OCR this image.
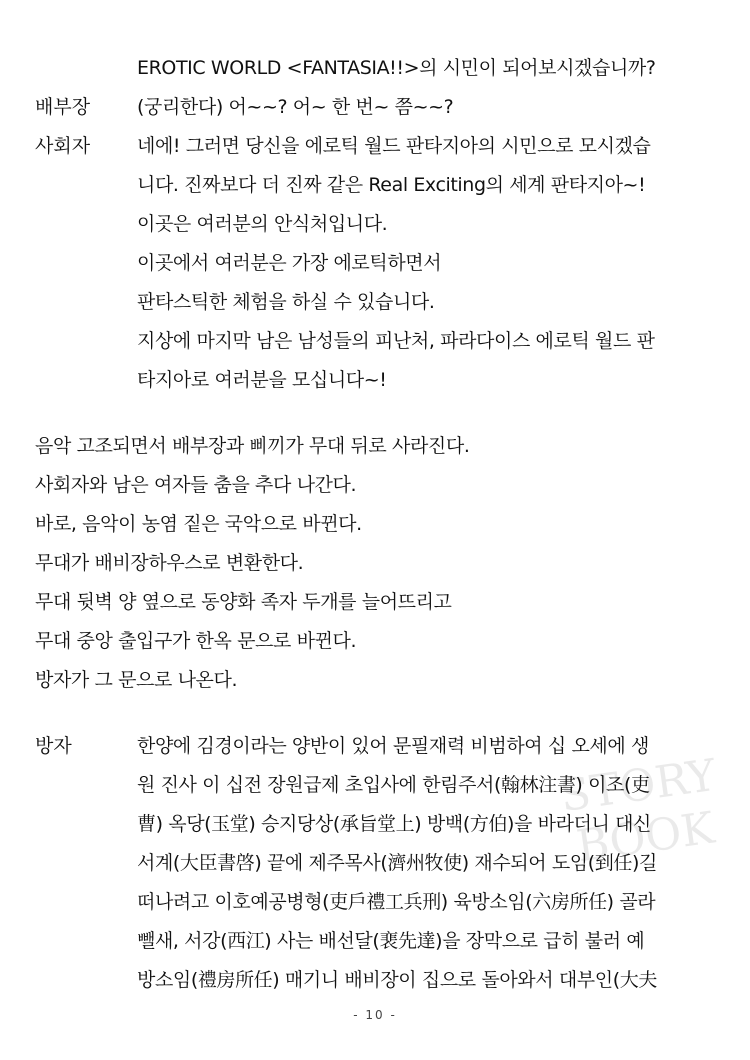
EROTIC WORLD <FANTASIA!!>의 시민이 되어보시겠습니까?
배부장 (궁리한다) 어~~? 어~ 한 번~ 쯤~~?
사회자 네에! 그러면 당신을 에로틱 월드 판타지아의 시민으로 모시겠습
니다. 진짜보다 더 진짜 같은 Real Exciting의 세계 판타지아~!
이곳은 여러분의 안식처입니다.
이곳에서 여러분은 가장 에로틱하면서
판타스틱한 체험을 하실 수 있습니다.
지상에 마지막 남은 남성들의 피난처, 파라다이스 에로틱 월드 판
타지아로 여러분을 모십니다~!
음악 고조되면서 배부장과 삐끼가 무대 뒤로 사라진다.
사회자와 남은 여자들 춤을 추다 나간다.
바로, 음악이 농염 짙은 국악으로 바뀐다.
무대가 배비장하우스로 변환한다.
무대 뒷벽 양 옆으로 동양화 족자 두개를 늘어뜨리고
무대 중앙 출입구가 한옥 문으로 바뀐다.
방자가 그 문으로 나온다.
방자	한양에 김경이라는 양반이 있어 문필재력 비범하여 십 오세에 생
원 진사 이 십전 장원급제 초입사에 한림주서(翰林注書) 이조(吏
曹) 옥당(玉堂) 승지당상(承旨堂上) 방백(方伯)을 바라더니 대신
서계(大臣書啓) 끝에 제주목사(濟州牧使) 재수되어 도임(到任)길
떠나려고 이호예공병형(吏戶禮工兵刑) 육방소임(六房所任) 골라
뺄새, 서강(西江) 사는 배선달(裵先達)을 장막으로 급히 불러 예
방소임(禮房所任) 매기니 배비장이 집으로 돌아와서 대부인(大夫
STORY
BOOK
- 10 -
